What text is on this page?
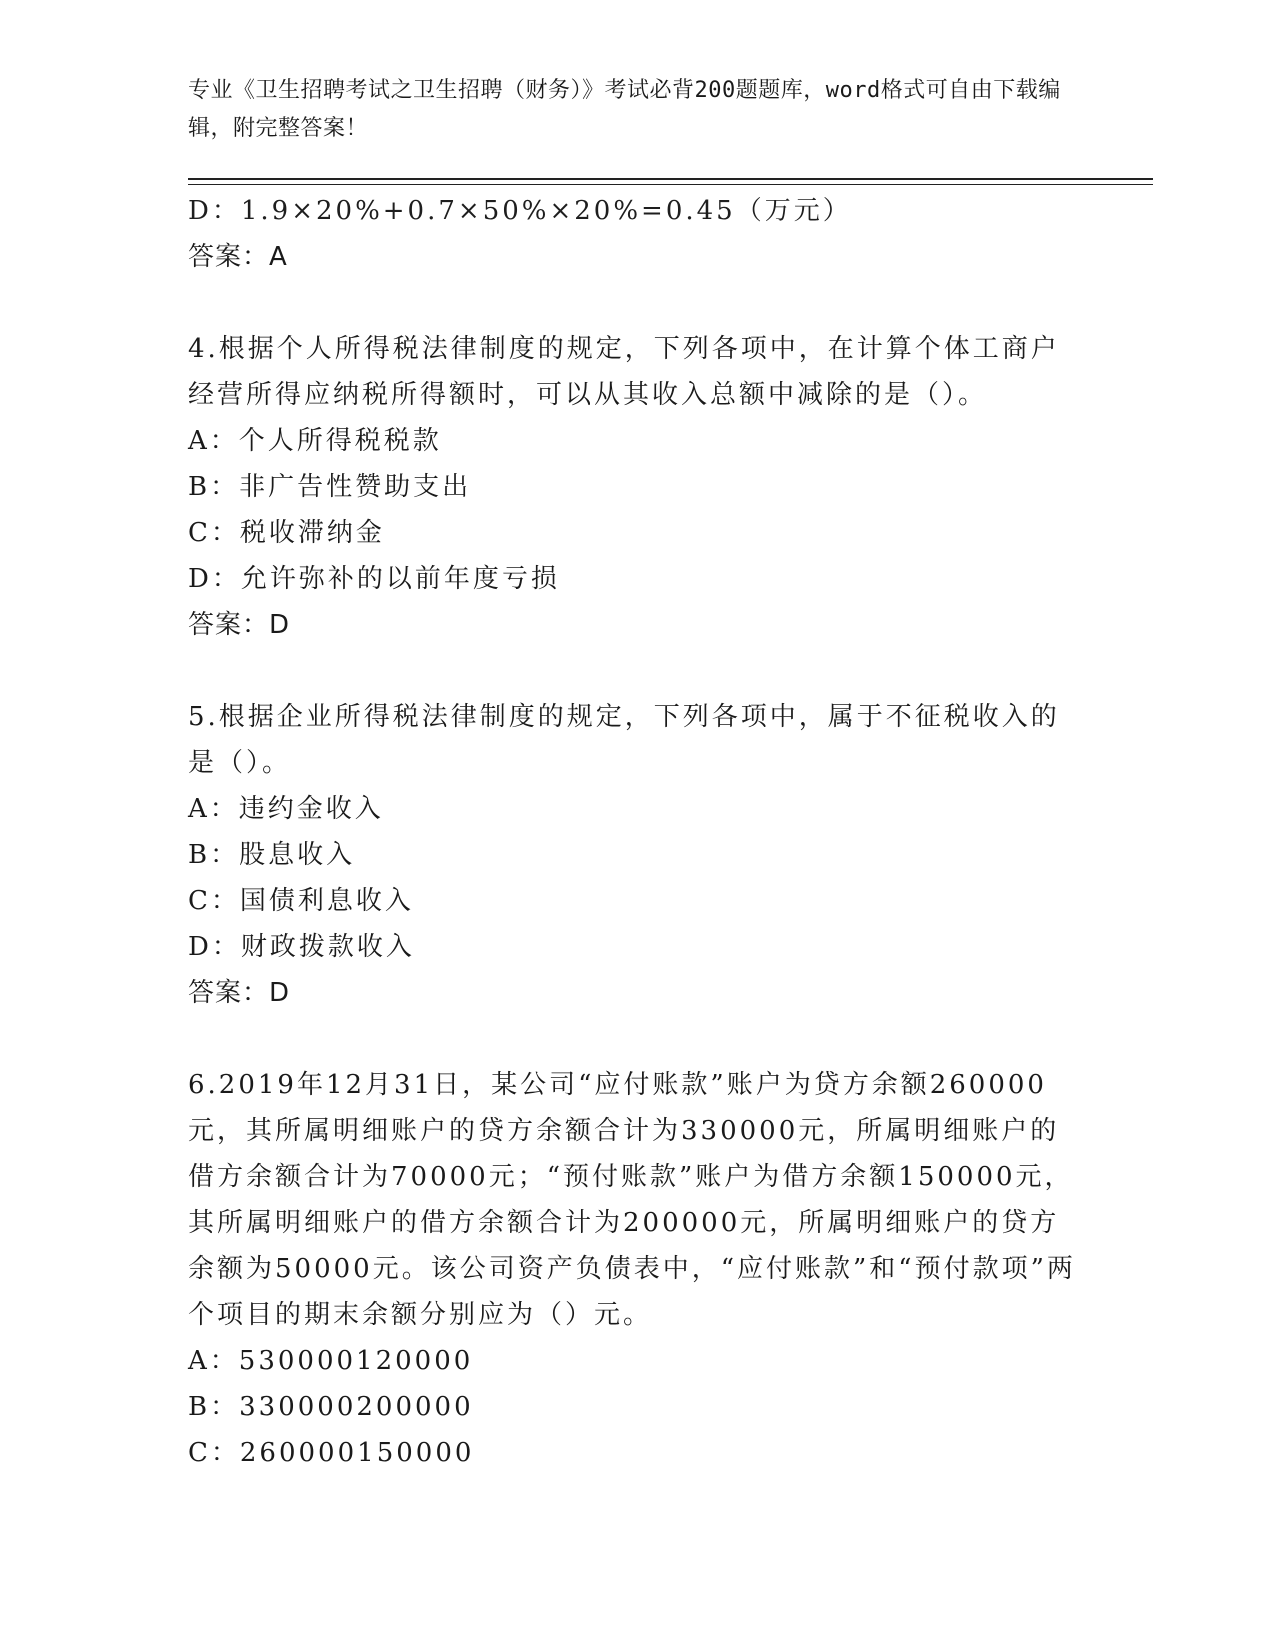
专业《卫生招聘考试之卫生招聘（财务）》考试必背200题题库，word格式可自由下载编辑，附完整答案！
D：1.9×20%+0.7×50%×20%=0.45（万元）
答案：A
4.根据个人所得税法律制度的规定，下列各项中，在计算个体工商户经营所得应纳税所得额时，可以从其收入总额中减除的是（）。
A：个人所得税税款
B：非广告性赞助支出
C：税收滞纳金
D：允许弥补的以前年度亏损
答案：D
5.根据企业所得税法律制度的规定，下列各项中，属于不征税收入的是（）。
A：违约金收入
B：股息收入
C：国债利息收入
D：财政拨款收入
答案：D
6.2019年12月31日，某公司“应付账款”账户为贷方余额260000元，其所属明细账户的贷方余额合计为330000元，所属明细账户的借方余额合计为70000元；“预付账款”账户为借方余额150000元，其所属明细账户的借方余额合计为200000元，所属明细账户的贷方余额为50000元。该公司资产负债表中，“应付账款”和“预付款项”两个项目的期末余额分别应为（）元。
A：530000120000
B：330000200000
C：260000150000
